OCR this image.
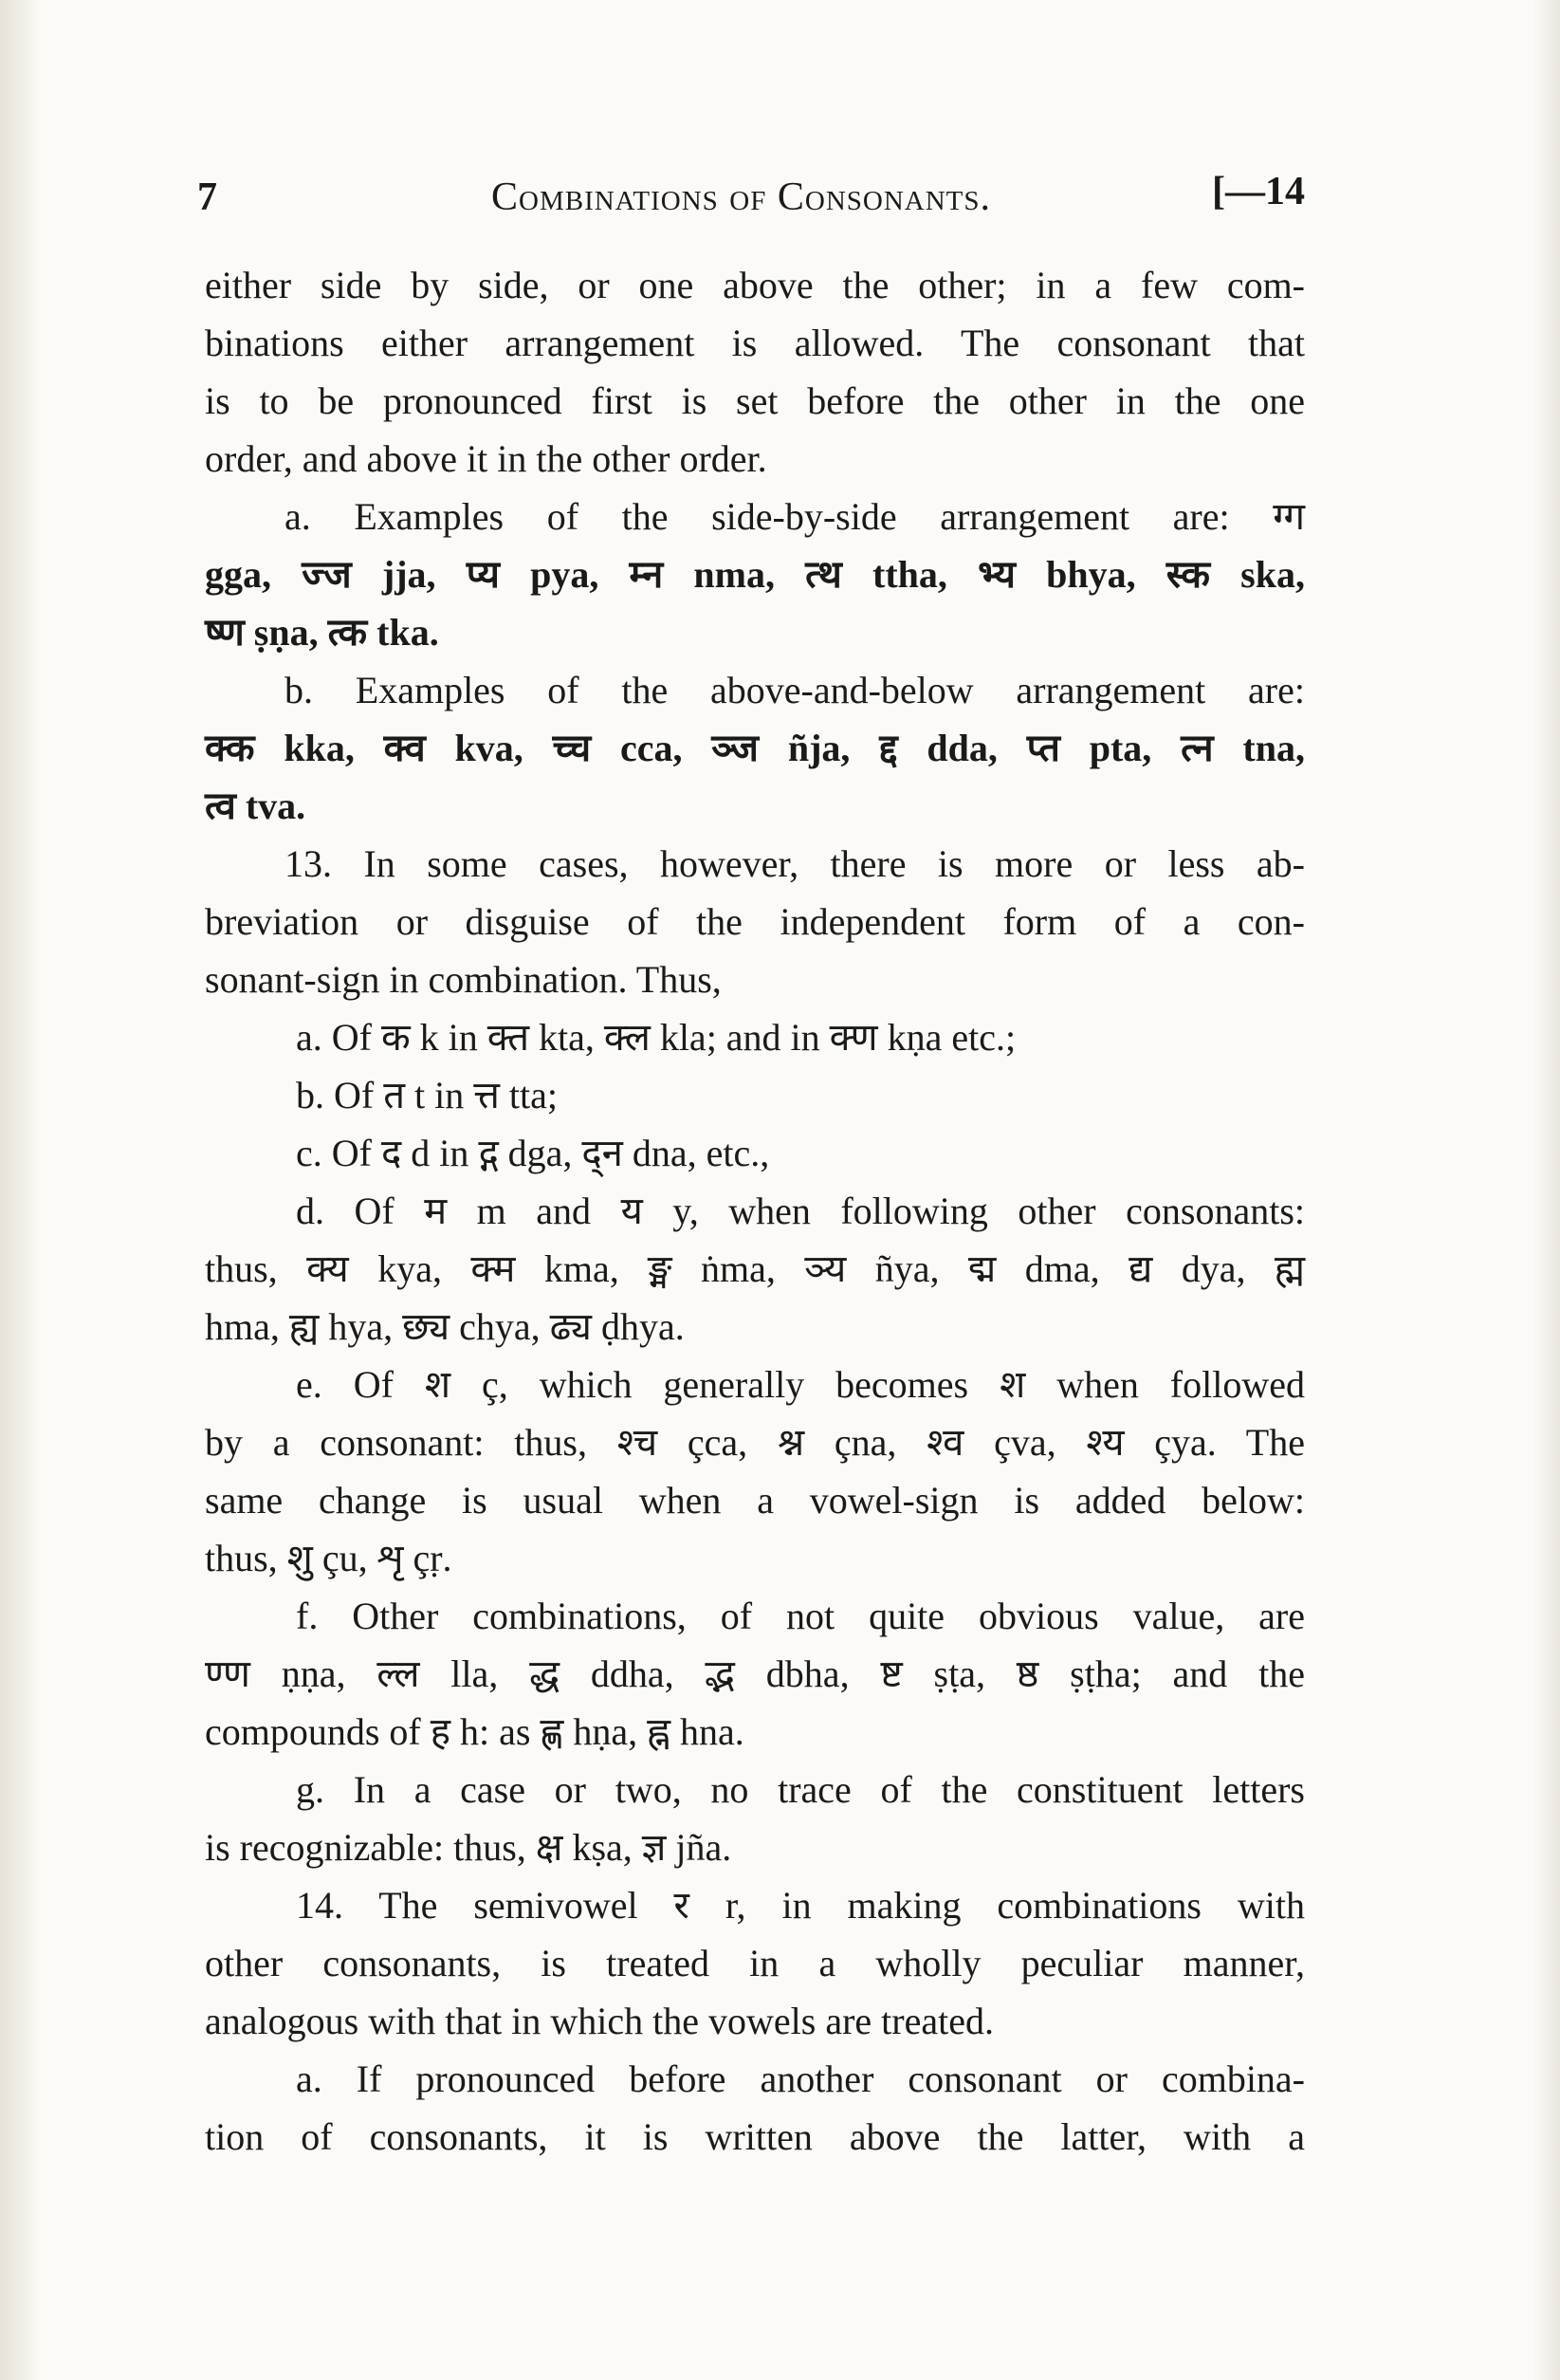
7	Combinations of Consonants.	[—14
either side by side, or one above the other; in a few com-
binations either arrangement is allowed. The consonant that
is to be pronounced first is set before the other in the one
order, and above it in the other order.
a. Examples of the side-by-side arrangement are: ग्ग
gga, ज्ज jja, प्य pya, म्न nma, त्थ ttha, भ्य bhya, स्क ska,
ष्ण ṣṇa, त्क tka.
b. Examples of the above-and-below arrangement are:
क्क kka, क्व kva, च्च cca, ञ्ज ñja, द्द dda, प्त pta, त्न tna,
त्व tva.
13. In some cases, however, there is more or less ab-
breviation or disguise of the independent form of a con-
sonant-sign in combination. Thus,
a. Of क k in क्त kta, क्ल kla; and in क्ण kṇa etc.;
b. Of त t in त्त tta;
c. Of द d in द्ग dga, द्न dna, etc.,
d. Of म m and य y, when following other consonants:
thus, क्य kya, क्म kma, ङ्म ṅma, ञ्य ñya, द्म dma, द्य dya, ह्म
hma, ह्य hya, छ्य chya, ढ्य ḍhya.
e. Of श ç, which generally becomes श when followed
by a consonant: thus, श्च çca, श्न çna, श्व çva, श्य çya. The
same change is usual when a vowel-sign is added below:
thus, शु çu, शृ çṛ.
f. Other combinations, of not quite obvious value, are
ण्ण ṇṇa, ल्ल lla, द्ध ddha, द्भ dbha, ष्ट ṣṭa, ष्ठ ṣṭha; and the
compounds of ह h: as ह्ण hṇa, ह्न hna.
g. In a case or two, no trace of the constituent letters
is recognizable: thus, क्ष kṣa, ज्ञ jña.
14. The semivowel र r, in making combinations with
other consonants, is treated in a wholly peculiar manner,
analogous with that in which the vowels are treated.
a. If pronounced before another consonant or combina-
tion of consonants, it is written above the latter, with a
